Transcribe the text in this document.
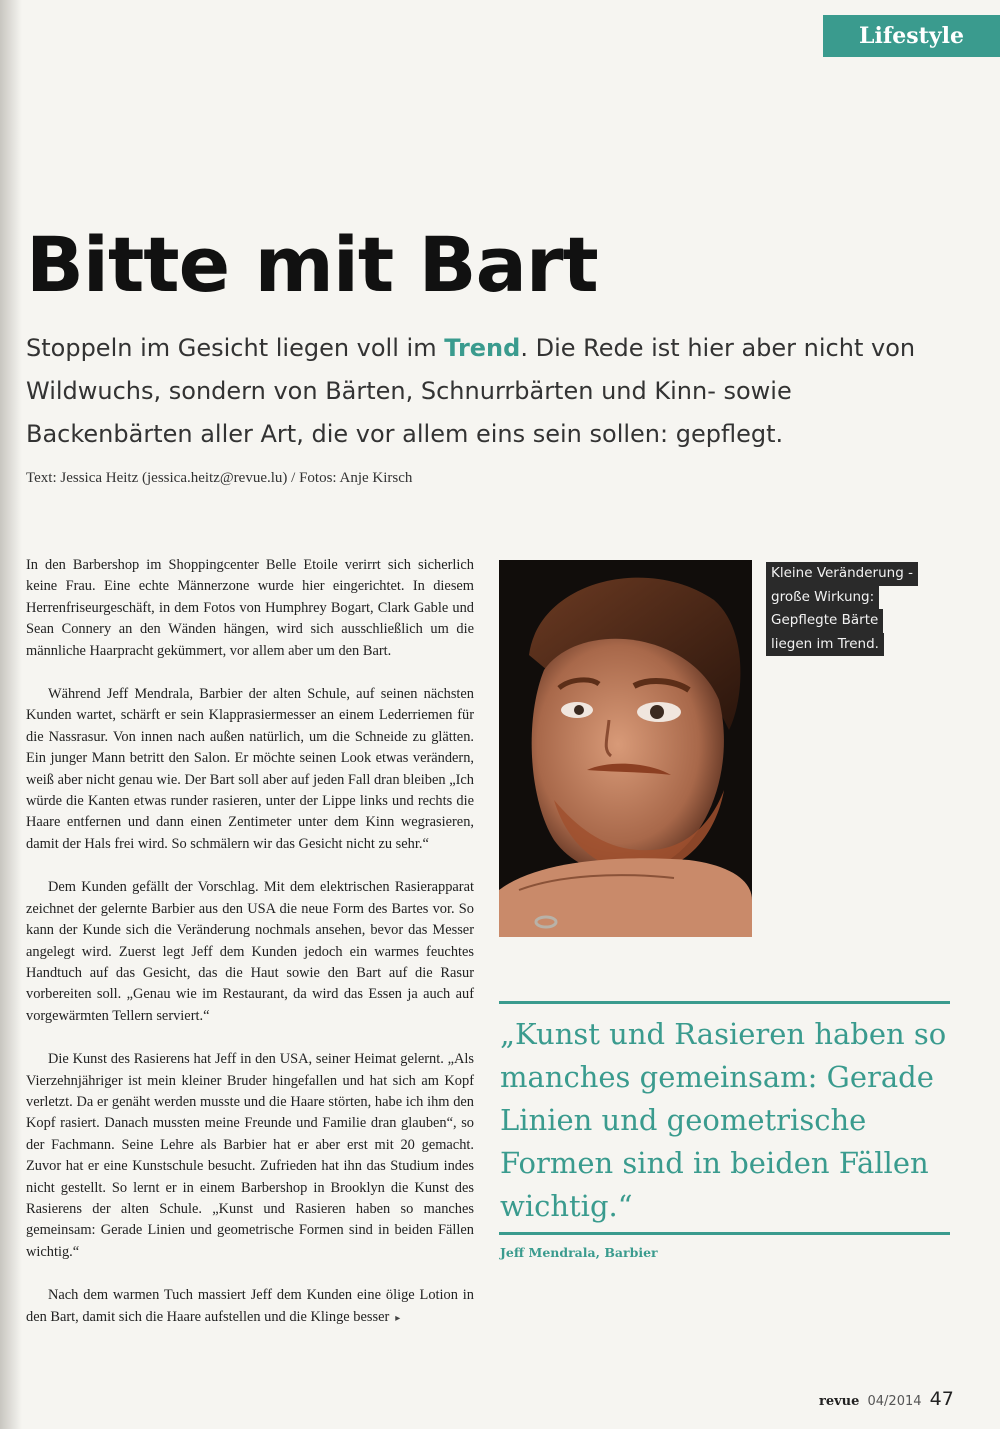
Lifestyle
Bitte mit Bart

Stoppeln im Gesicht liegen voll im Trend. Die Rede ist hier aber nicht von Wildwuchs, sondern von Bärten, Schnurrbärten und Kinn- sowie Backenbärten aller Art, die vor allem eins sein sollen: gepflegt.

Text: Jessica Heitz (jessica.heitz@revue.lu) / Fotos: Anje Kirsch

In den Barbershop im Shoppingcenter Belle Etoile verirrt sich sicherlich keine Frau. Eine echte Männerzone wurde hier eingerichtet. In diesem Herrenfriseurgeschäft, in dem Fotos von Humphrey Bogart, Clark Gable und Sean Connery an den Wänden hängen, wird sich ausschließlich um die männliche Haarpracht gekümmert, vor allem aber um den Bart.

Während Jeff Mendrala, Barbier der alten Schule, auf seinen nächsten Kunden wartet, schärft er sein Klapprasiermesser an einem Lederriemen für die Nassrasur. Von innen nach außen natürlich, um die Schneide zu glätten. Ein junger Mann betritt den Salon. Er möchte seinen Look etwas verändern, weiß aber nicht genau wie. Der Bart soll aber auf jeden Fall dran bleiben „Ich würde die Kanten etwas runder rasieren, unter der Lippe links und rechts die Haare entfernen und dann einen Zentimeter unter dem Kinn wegrasieren, damit der Hals frei wird. So schmälern wir das Gesicht nicht zu sehr.“

Dem Kunden gefällt der Vorschlag. Mit dem elektrischen Rasierapparat zeichnet der gelernte Barbier aus den USA die neue Form des Bartes vor. So kann der Kunde sich die Veränderung nochmals ansehen, bevor das Messer angelegt wird. Zuerst legt Jeff dem Kunden jedoch ein warmes feuchtes Handtuch auf das Gesicht, das die Haut sowie den Bart auf die Rasur vorbereiten soll. „Genau wie im Restaurant, da wird das Essen ja auch auf vorgewärmten Tellern serviert.“

Die Kunst des Rasierens hat Jeff in den USA, seiner Heimat gelernt. „Als Vierzehnjähriger ist mein kleiner Bruder hingefallen und hat sich am Kopf verletzt. Da er genäht werden musste und die Haare störten, habe ich ihm den Kopf rasiert. Danach mussten meine Freunde und Familie dran glauben“, so der Fachmann. Seine Lehre als Barbier hat er aber erst mit 20 gemacht. Zuvor hat er eine Kunstschule besucht. Zufrieden hat ihn das Studium indes nicht gestellt. So lernt er in einem Barbershop in Brooklyn die Kunst des Rasierens der alten Schule. „Kunst und Rasieren haben so manches gemeinsam: Gerade Linien und geometrische Formen sind in beiden Fällen wichtig.“

Nach dem warmen Tuch massiert Jeff dem Kunden eine ölige Lotion in den Bart, damit sich die Haare aufstellen und die Klinge besser ▸

Kleine Veränderung -
große Wirkung:
Gepflegte Bärte
liegen im Trend.

„Kunst und Rasieren haben so manches gemeinsam: Gerade Linien und geometrische Formen sind in beiden Fällen wichtig.“

Jeff Mendrala, Barbier
revue 04/2014 47
